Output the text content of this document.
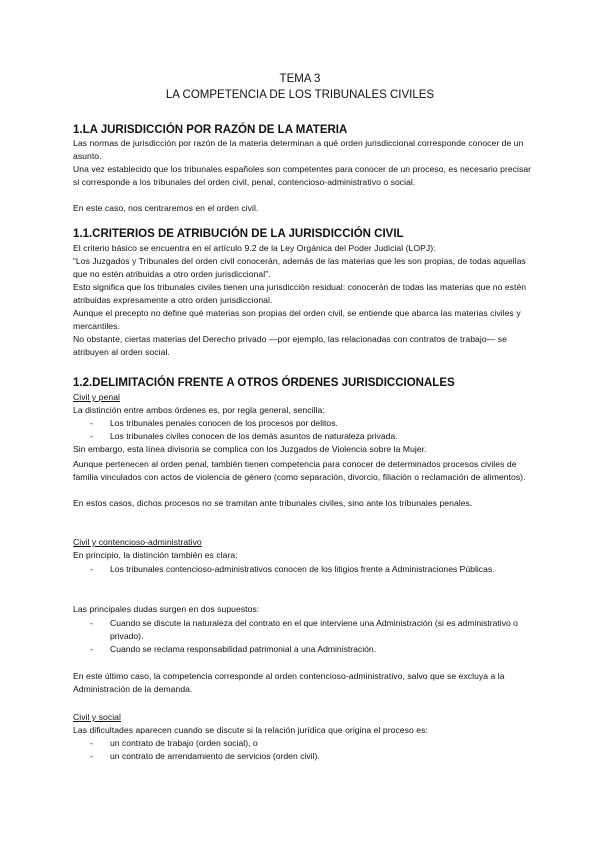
TEMA 3

LA COMPETENCIA DE LOS TRIBUNALES CIVILES

1.LA JURISDICCIÓN POR RAZÓN DE LA MATERIA

Las normas de jurisdicción por razón de la materia determinan a qué orden jurisdiccional corresponde conocer de un asunto.

Una vez establecido que los tribunales españoles son competentes para conocer de un proceso, es necesario precisar si corresponde a los tribunales del orden civil, penal, contencioso-administrativo o social.

En este caso, nos centraremos en el orden civil.

1.1.CRITERIOS DE ATRIBUCIÓN DE LA JURISDICCIÓN CIVIL

El criterio básico se encuentra en el artículo 9.2 de la Ley Orgánica del Poder Judicial (LOPJ):

“Los Juzgados y Tribunales del orden civil conocerán, además de las materias que les son propias, de todas aquellas que no estén atribuidas a otro orden jurisdiccional”.

Esto significa que los tribunales civiles tienen una jurisdicción residual: conocerán de todas las materias que no estén atribuidas expresamente a otro orden jurisdiccional.

Aunque el precepto no define qué materias son propias del orden civil, se entiende que abarca las materias civiles y mercantiles.

No obstante, ciertas materias del Derecho privado —por ejemplo, las relacionadas con contratos de trabajo— se atribuyen al orden social.

1.2.DELIMITACIÓN FRENTE A OTROS ÓRDENES JURISDICCIONALES

Civil y penal

La distinción entre ambos órdenes es, por regla general, sencilla:

- Los tribunales penales conocen de los procesos por delitos.
- Los tribunales civiles conocen de los demás asuntos de naturaleza privada.

Sin embargo, esta línea divisoria se complica con los Juzgados de Violencia sobre la Mujer.

Aunque pertenecen al orden penal, también tienen competencia para conocer de determinados procesos civiles de familia vinculados con actos de violencia de género (como separación, divorcio, filiación o reclamación de alimentos).

En estos casos, dichos procesos no se tramitan ante tribunales civiles, sino ante los tribunales penales.

Civil y contencioso-administrativo

En principio, la distinción también es clara:

- Los tribunales contencioso-administrativos conocen de los litigios frente a Administraciones Públicas.

Las principales dudas surgen en dos supuestos:

- Cuando se discute la naturaleza del contrato en el que interviene una Administración (si es administrativo o privado).
- Cuando se reclama responsabilidad patrimonial a una Administración.

En este último caso, la competencia corresponde al orden contencioso-administrativo, salvo que se excluya a la Administración de la demanda.

Civil y social

Las dificultades aparecen cuando se discute si la relación jurídica que origina el proceso es:

- un contrato de trabajo (orden social), o
- un contrato de arrendamiento de servicios (orden civil).
